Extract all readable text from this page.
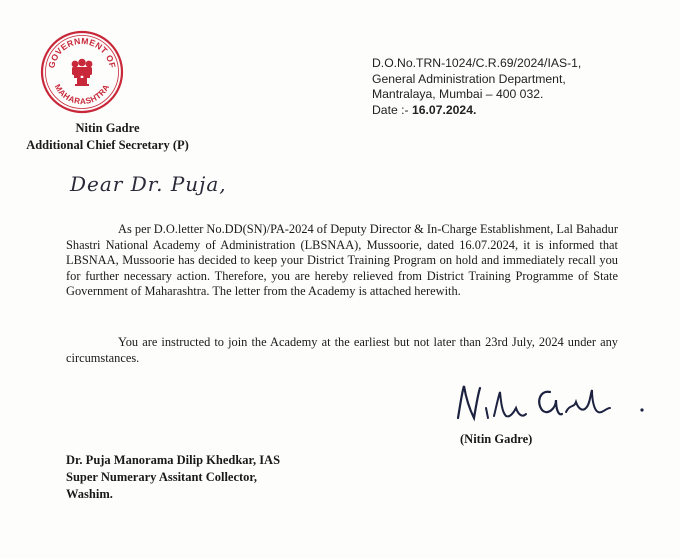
GOVERNMENT OF
MAHARASHTRA
Nitin Gadre
Additional Chief Secretary (P)
D.O.No.TRN-1024/C.R.69/2024/IAS-1,
General Administration Department,
Mantralaya, Mumbai – 400 032.
Date :- 16.07.2024.
Dear Dr. Puja,
As per D.O.letter No.DD(SN)/PA-2024 of Deputy Director & In-Charge Establishment, Lal Bahadur Shastri National Academy of Administration (LBSNAA), Mussoorie, dated 16.07.2024, it is informed that LBSNAA, Mussoorie has decided to keep your District Training Program on hold and immediately recall you for further necessary action. Therefore, you are hereby relieved from District Training Programme of State Government of Maharashtra. The letter from the Academy is attached herewith.
You are instructed to join the Academy at the earliest but not later than 23rd July, 2024 under any circumstances.
(Nitin Gadre)
Dr. Puja Manorama Dilip Khedkar, IAS
Super Numerary Assitant Collector,
Washim.
